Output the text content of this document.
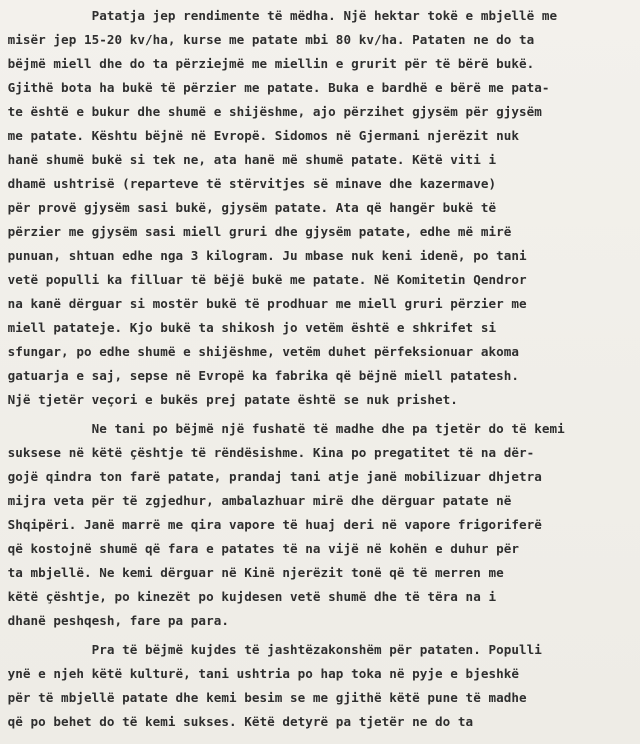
Patatja jep rendimente të mëdha. Një hektar tokë e mbjellë me
misër jep 15-20 kv/ha, kurse me patate mbi 80 kv/ha. Pataten ne do ta
bëjmë miell dhe do ta përziejmë me miellin e grurit për të bërë bukë.
Gjithë bota ha bukë të përzier me patate. Buka e bardhë e bërë me pata-
te është e bukur dhe shumë e shijëshme, ajo përzihet gjysëm për gjysëm
me patate. Kështu bëjnë në Evropë. Sidomos në Gjermani njerëzit nuk
hanë shumë bukë si tek ne, ata hanë më shumë patate. Këtë viti i
dhamë ushtrisë (reparteve të stërvitjes së minave dhe kazermave)
për provë gjysëm sasi bukë, gjysëm patate. Ata që hangër bukë të
përzier me gjysëm sasi miell gruri dhe gjysëm patate, edhe më mirë
punuan, shtuan edhe nga 3 kilogram. Ju mbase nuk keni idenë, po tani
vetë populli ka filluar të bëjë bukë me patate. Në Komitetin Qendror
na kanë dërguar si mostër bukë të prodhuar me miell gruri përzier me
miell patateje. Kjo bukë ta shikosh jo vetëm është e shkrifet si
sfungar, po edhe shumë e shijëshme, vetëm duhet përfeksionuar akoma
gatuarja e saj, sepse në Evropë ka fabrika që bëjnë miell patatesh.
Një tjetër veçori e bukës prej patate është se nuk prishet.
Ne tani po bëjmë një fushatë të madhe dhe pa tjetër do të kemi
suksese në këtë çështje të rëndësishme. Kina po pregatitet të na dër-
gojë qindra ton farë patate, prandaj tani atje janë mobilizuar dhjetra
mijra veta për të zgjedhur, ambalazhuar mirë dhe dërguar patate në
Shqipëri. Janë marrë me qira vapore të huaj deri në vapore frigoriferë
që kostojnë shumë që fara e patates të na vijë në kohën e duhur për
ta mbjellë. Ne kemi dërguar në Kinë njerëzit tonë që të merren me
këtë çështje, po kinezët po kujdesen vetë shumë dhe të tëra na i
dhanë peshqesh, fare pa para.
Pra të bëjmë kujdes të jashtëzakonshëm për pataten. Populli
ynë e njeh këtë kulturë, tani ushtria po hap toka në pyje e bjeshkë
për të mbjellë patate dhe kemi besim se me gjithë këtë pune të madhe
që po behet do të kemi sukses. Këtë detyrë pa tjetër ne do ta
